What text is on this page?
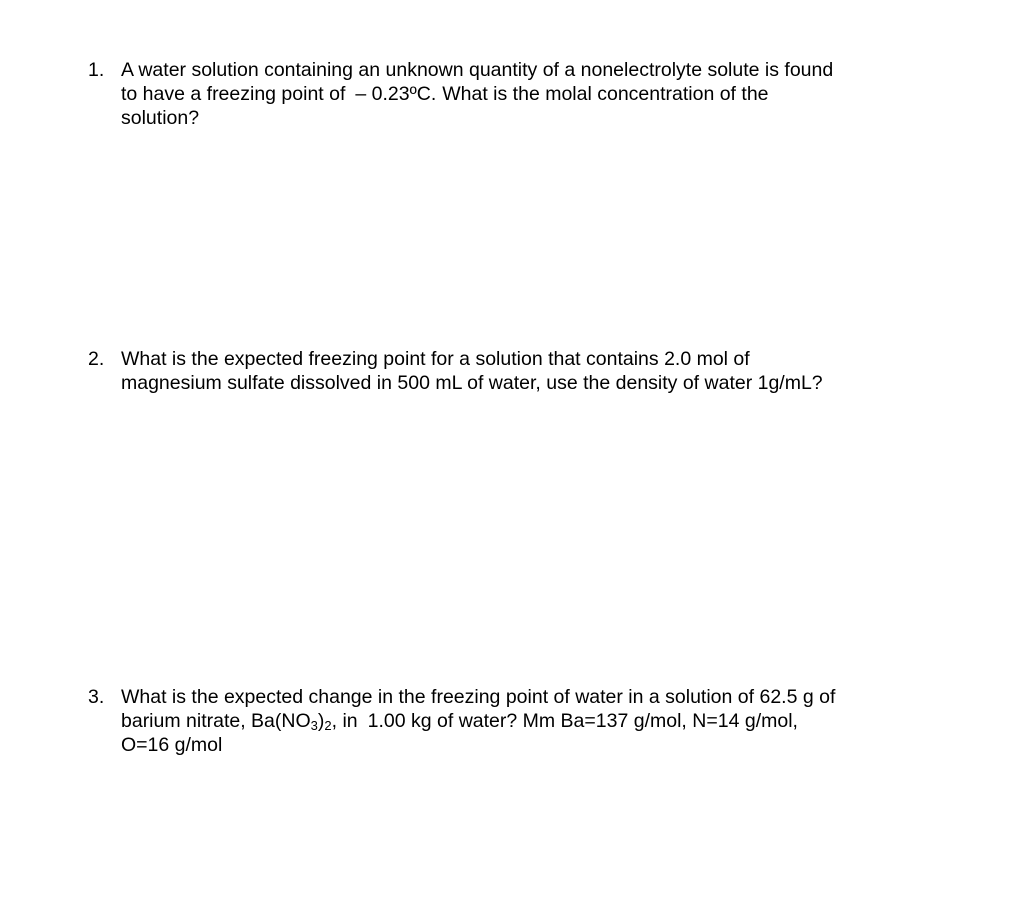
1. A water solution containing an unknown quantity of a nonelectrolyte solute is found
to have a freezing point of – 0.23ºC. What is the molal concentration of the
solution?
2. What is the expected freezing point for a solution that contains 2.0 mol of
magnesium sulfate dissolved in 500 mL of water, use the density of water 1g/mL?
3. What is the expected change in the freezing point of water in a solution of 62.5 g of
barium nitrate, $Ba(NO_3)_2$, in 1.00 kg of water? Mm Ba=137 g/mol, N=14 g/mol,
O=16 g/mol
